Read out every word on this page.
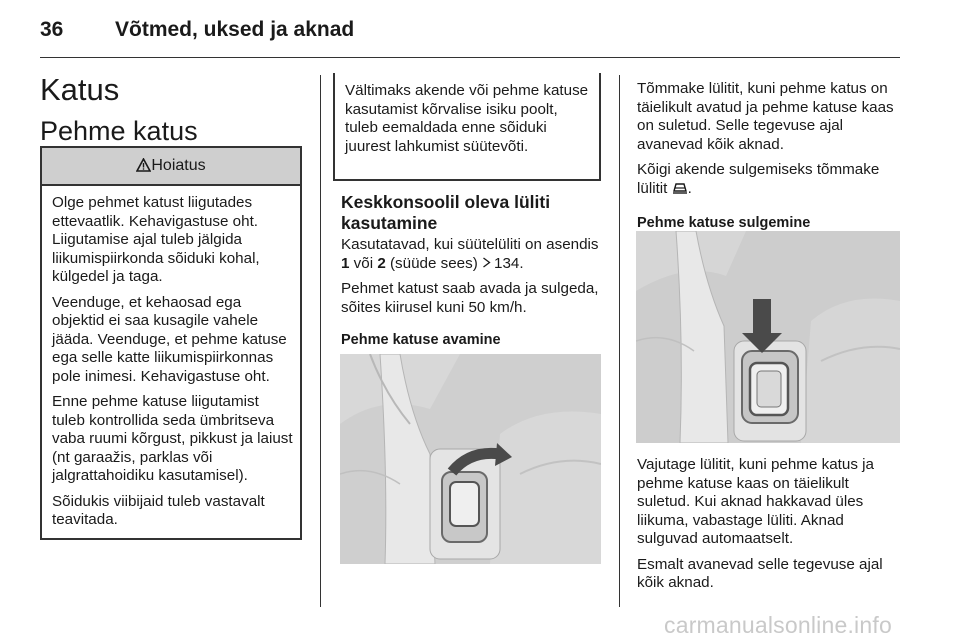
36 Võtmed, uksed ja aknad
Katus
Pehme katus
Hoiatus

Olge pehmet katust liigutades ettevaatlik. Kehavigastuse oht. Liigutamise ajal tuleb jälgida liikumispiirkonda sõiduki kohal, külgedel ja taga.

Veenduge, et kehaosad ega objektid ei saa kusagile vahele jääda. Veenduge, et pehme katuse ega selle katte liikumispiirkonnas pole inimesi. Kehavigastuse oht.

Enne pehme katuse liigutamist tuleb kontrollida seda ümbritseva vaba ruumi kõrgust, pikkust ja laiust (nt garaažis, parklas või jalgrattahoidiku kasutamisel).

Sõidukis viibijaid tuleb vastavalt teavitada.

Vältimaks akende või pehme katuse kasutamist kõrvalise isiku poolt, tuleb eemaldada enne sõiduki juurest lahkumist süütevõti.
Keskkonsoolil oleva lüliti kasutamine

Kasutatavad, kui süütelüliti on asendis 1 või 2 (süüde sees) 134.

Pehmet katust saab avada ja sulgeda, sõites kiirusel kuni 50 km/h.

Pehme katuse avamine

Tõmmake lülitit, kuni pehme katus on täielikult avatud ja pehme katuse kaas on suletud. Selle tegevuse ajal avanevad kõik aknad.

Kõigi akende sulgemiseks tõmmake lülitit .

Pehme katuse sulgemine

Vajutage lülitit, kuni pehme katus ja pehme katuse kaas on täielikult suletud. Kui aknad hakkavad üles liikuma, vabastage lüliti. Aknad sulguvad automaatselt.

Esmalt avanevad selle tegevuse ajal kõik aknad.

carmanualsonline.info
